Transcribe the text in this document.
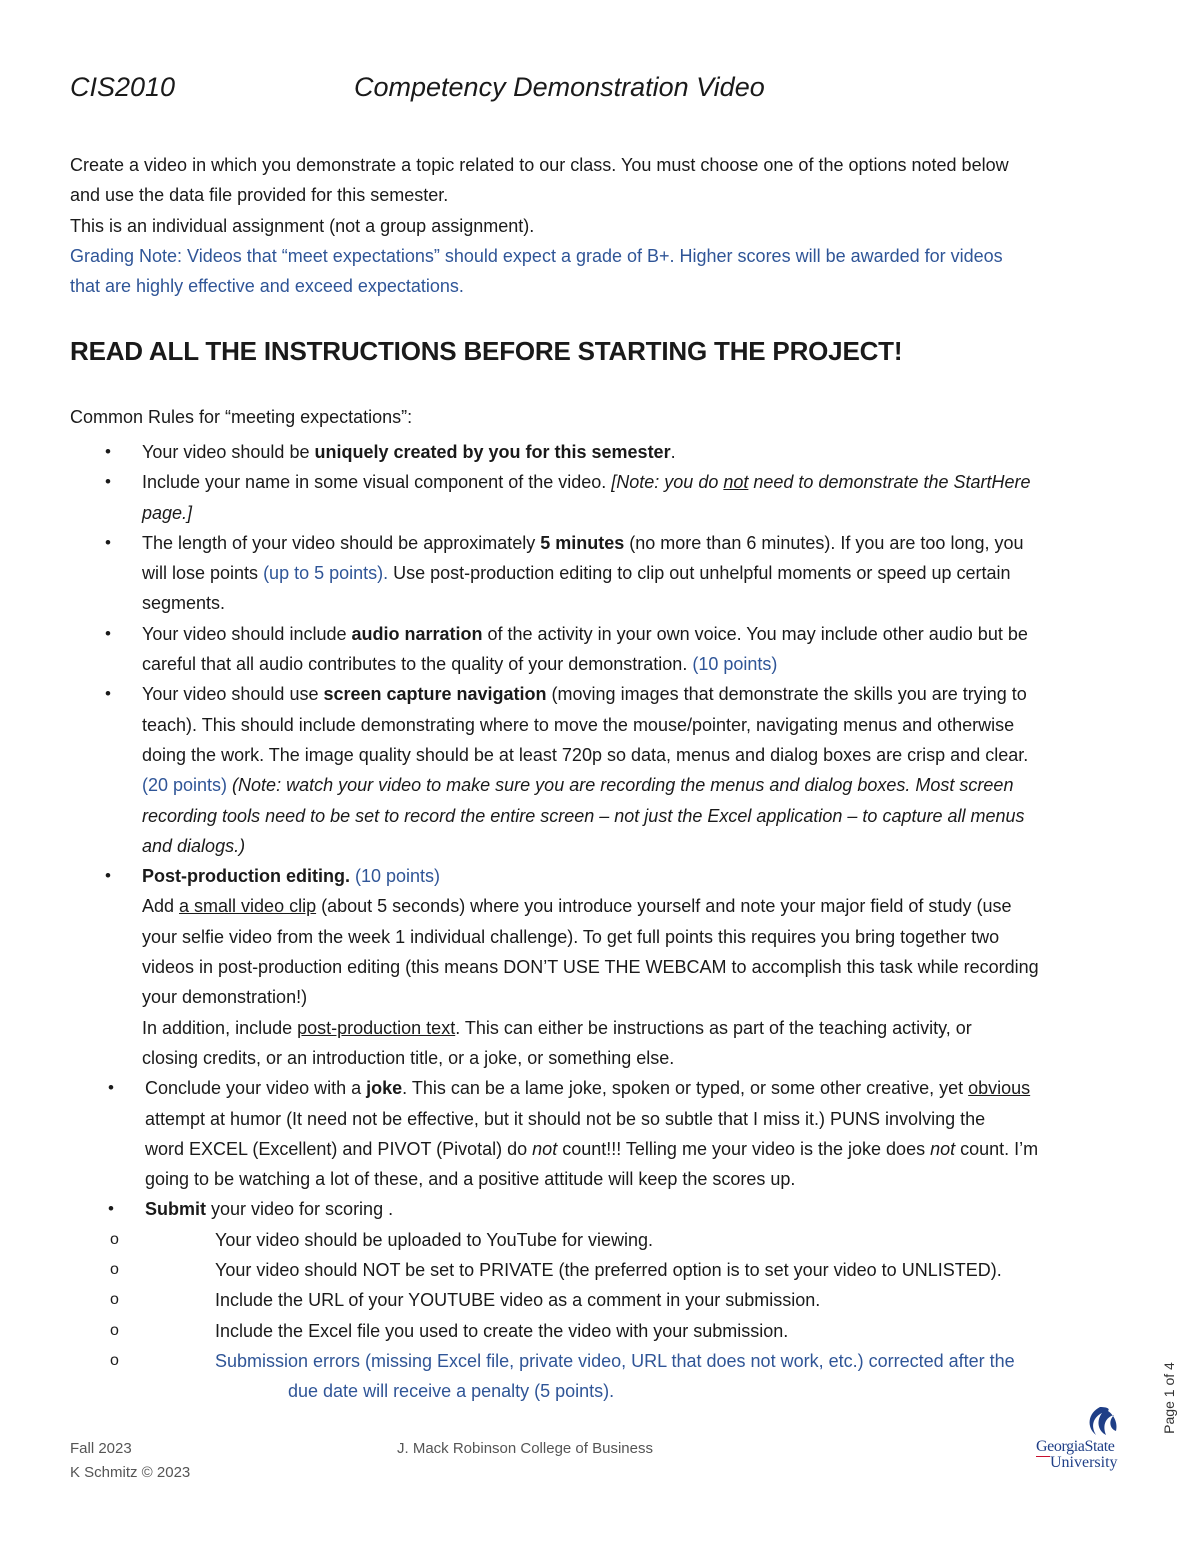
CIS2010	Competency Demonstration Video
Create a video in which you demonstrate a topic related to our class. You must choose one of the options noted below
and use the data file provided for this semester.
This is an individual assignment (not a group assignment).
Grading Note: Videos that “meet expectations” should expect a grade of B+. Higher scores will be awarded for videos
that are highly effective and exceed expectations.
READ ALL THE INSTRUCTIONS BEFORE STARTING THE PROJECT!
Common Rules for “meeting expectations”:
• Your video should be uniquely created by you for this semester.
• Include your name in some visual component of the video. [Note: you do not need to demonstrate the StartHere
page.]
• The length of your video should be approximately 5 minutes (no more than 6 minutes). If you are too long, you
will lose points (up to 5 points). Use post-production editing to clip out unhelpful moments or speed up certain
segments.
• Your video should include audio narration of the activity in your own voice. You may include other audio but be
careful that all audio contributes to the quality of your demonstration. (10 points)
• Your video should use screen capture navigation (moving images that demonstrate the skills you are trying to
teach). This should include demonstrating where to move the mouse/pointer, navigating menus and otherwise
doing the work. The image quality should be at least 720p so data, menus and dialog boxes are crisp and clear.
(20 points) (Note: watch your video to make sure you are recording the menus and dialog boxes. Most screen
recording tools need to be set to record the entire screen – not just the Excel application – to capture all menus
and dialogs.)
• Post-production editing. (10 points)
Add a small video clip (about 5 seconds) where you introduce yourself and note your major field of study (use
your selfie video from the week 1 individual challenge). To get full points this requires you bring together two
videos in post-production editing (this means DON’T USE THE WEBCAM to accomplish this task while recording
your demonstration!)
In addition, include post-production text. This can either be instructions as part of the teaching activity, or
closing credits, or an introduction title, or a joke, or something else.
• Conclude your video with a joke. This can be a lame joke, spoken or typed, or some other creative, yet obvious
attempt at humor (It need not be effective, but it should not be so subtle that I miss it.) PUNS involving the
word EXCEL (Excellent) and PIVOT (Pivotal) do not count!!! Telling me your video is the joke does not count. I’m
going to be watching a lot of these, and a positive attitude will keep the scores up.
• Submit your video for scoring .
o	Your video should be uploaded to YouTube for viewing.
o	Your video should NOT be set to PRIVATE (the preferred option is to set your video to UNLISTED).
o	Include the URL of your YOUTUBE video as a comment in your submission.
o	Include the Excel file you used to create the video with your submission.
o	Submission errors (missing Excel file, private video, URL that does not work, etc.) corrected after the
due date will receive a penalty (5 points).
Fall 2023
K Schmitz © 2023
J. Mack Robinson College of Business
Page 1 of 4
GeorgiaState
University
